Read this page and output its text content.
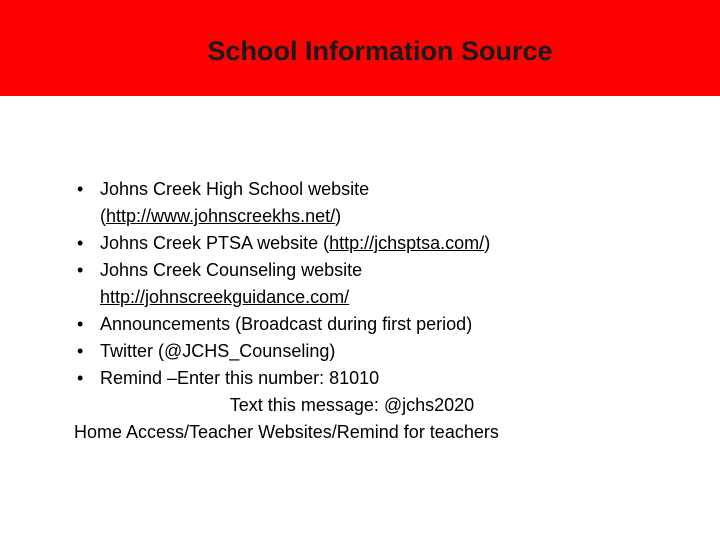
School Information Source
• Johns Creek High School website
(http://www.johnscreekhs.net/)
• Johns Creek PTSA website (http://jchsptsa.com/)
• Johns Creek Counseling website
http://johnscreekguidance.com/
• Announcements (Broadcast during first period)
• Twitter (@JCHS_Counseling)
• Remind –Enter this number: 81010
Text this message: @jchs2020
Home Access/Teacher Websites/Remind for teachers
